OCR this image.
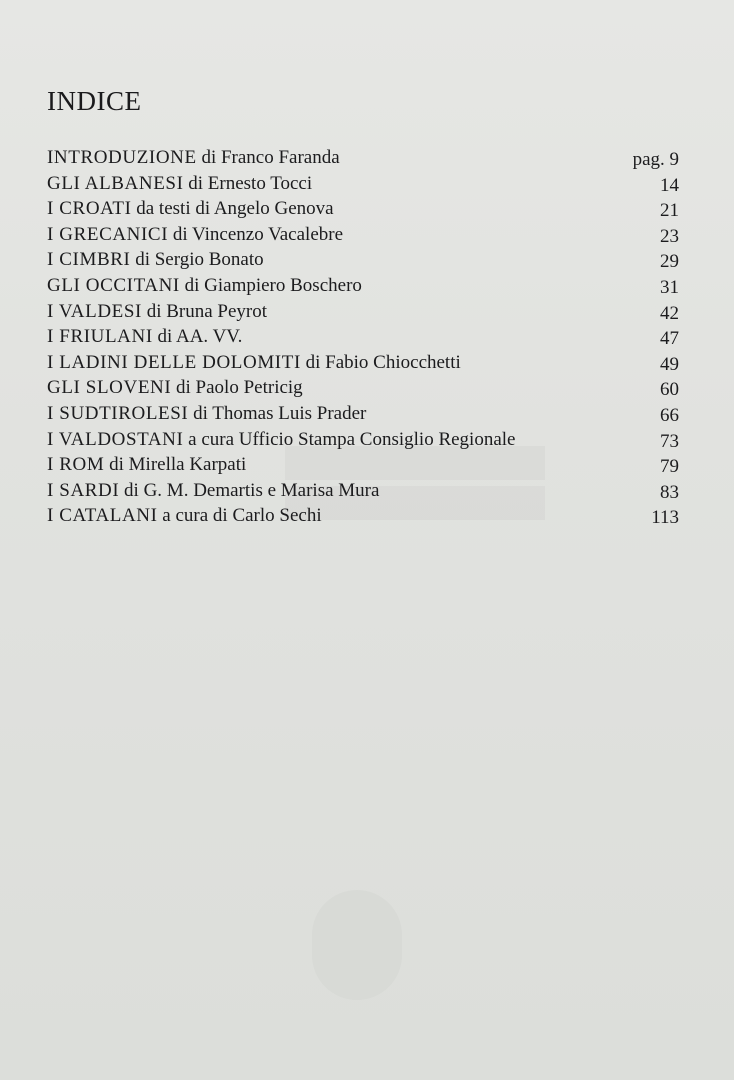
INDICE
INTRODUZIONE di Franco Faranda	pag. 9
GLI ALBANESI di Ernesto Tocci	14
I CROATI da testi di Angelo Genova	21
I GRECANICI di Vincenzo Vacalebre	23
I CIMBRI di Sergio Bonato	29
GLI OCCITANI di Giampiero Boschero	31
I VALDESI di Bruna Peyrot	42
I FRIULANI di AA. VV.	47
I LADINI DELLE DOLOMITI di Fabio Chiocchetti	49
GLI SLOVENI di Paolo Petricig	60
I SUDTIROLESI di Thomas Luis Prader	66
I VALDOSTANI a cura Ufficio Stampa Consiglio Regionale	73
I ROM di Mirella Karpati	79
I SARDI di G. M. Demartis e Marisa Mura	83
I CATALANI a cura di Carlo Sechi	113
